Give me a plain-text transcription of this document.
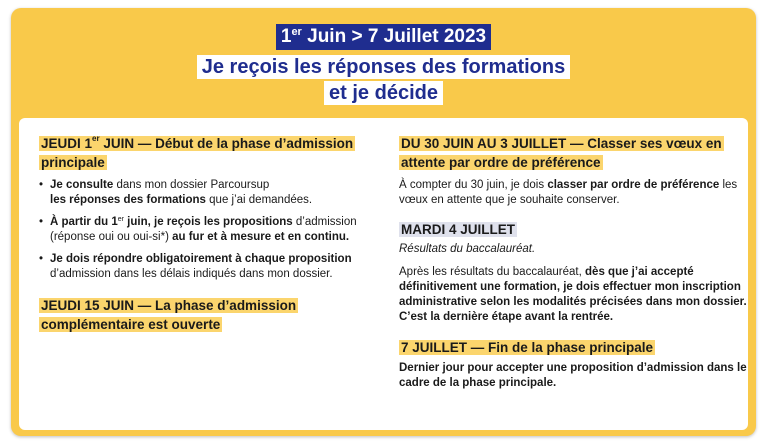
1er Juin > 7 Juillet 2023
Je reçois les réponses des formations
et je décide
JEUDI 1er JUIN — Début de la phase d’admission principale
• Je consulte dans mon dossier Parcoursup
les réponses des formations que j’ai demandées.
• À partir du 1er juin, je reçois les propositions d’admission (réponse oui ou oui-si*) au fur et à mesure et en continu.
• Je dois répondre obligatoirement à chaque proposition d’admission dans les délais indiqués dans mon dossier.
JEUDI 15 JUIN — La phase d’admission complémentaire est ouverte
DU 30 JUIN AU 3 JUILLET — Classer ses vœux en attente par ordre de préférence

À compter du 30 juin, je dois classer par ordre de préférence les vœux en attente que je souhaite conserver.

MARDI 4 JUILLET

Résultats du baccalauréat.

Après les résultats du baccalauréat, dès que j’ai accepté définitivement une formation, je dois effectuer mon inscription administrative selon les modalités précisées dans mon dossier. C’est la dernière étape avant la rentrée.

7 JUILLET — Fin de la phase principale

Dernier jour pour accepter une proposition d’admission dans le cadre de la phase principale.
